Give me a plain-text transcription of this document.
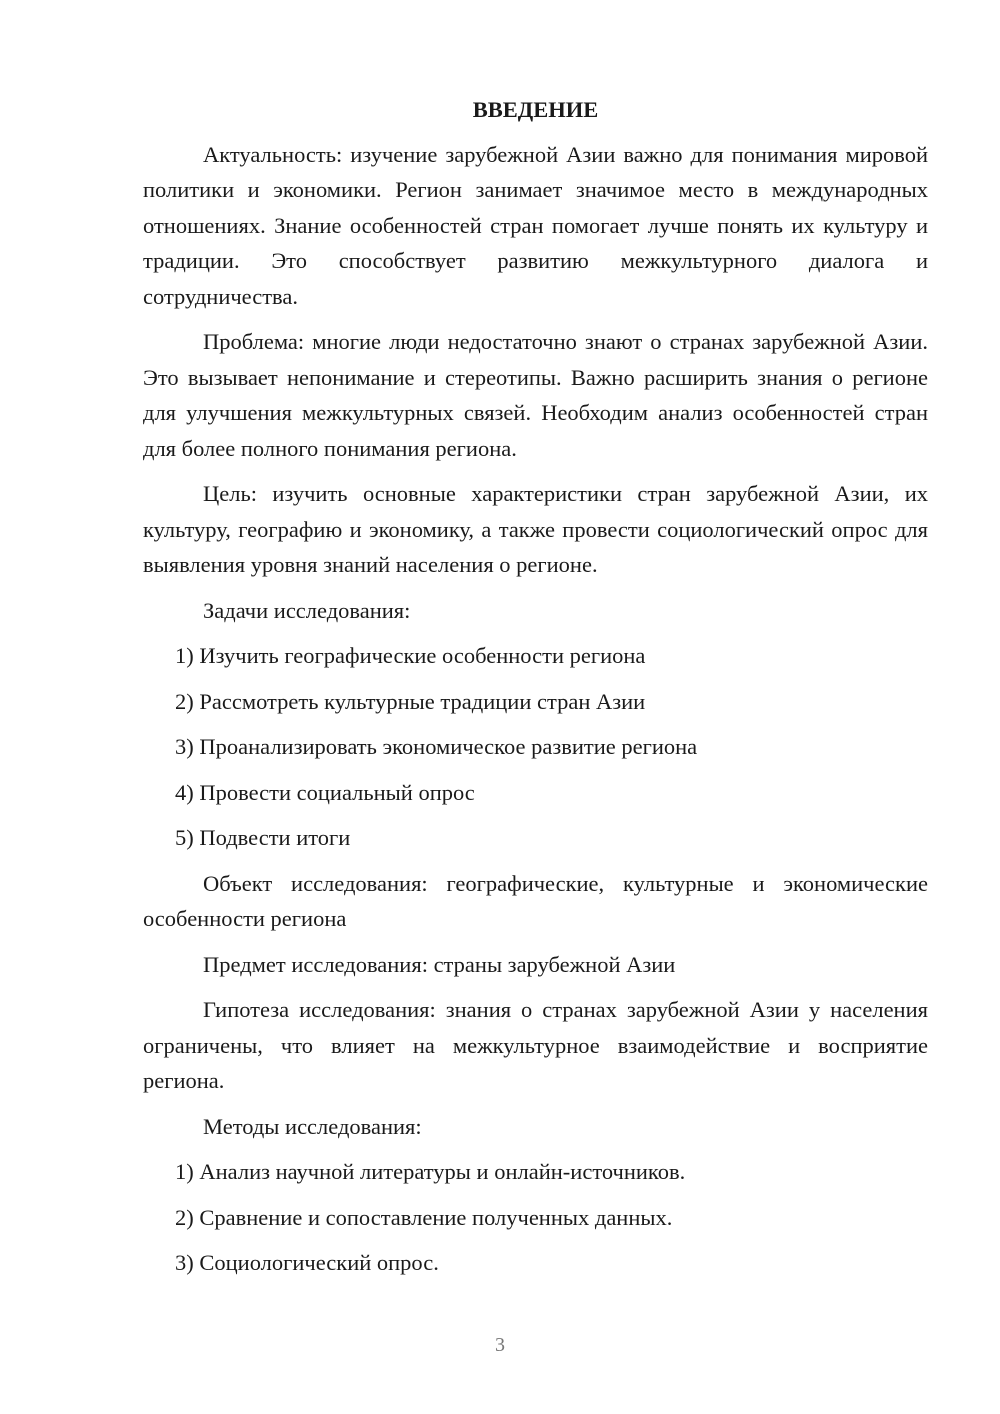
ВВЕДЕНИЕ
Актуальность: изучение зарубежной Азии важно для понимания мировой политики и экономики. Регион занимает значимое место в международных отношениях. Знание особенностей стран помогает лучше понять их культуру и традиции. Это способствует развитию межкультурного диалога и сотрудничества.
Проблема: многие люди недостаточно знают о странах зарубежной Азии. Это вызывает непонимание и стереотипы. Важно расширить знания о регионе для улучшения межкультурных связей. Необходим анализ особенностей стран для более полного понимания региона.
Цель: изучить основные характеристики стран зарубежной Азии, их культуру, географию и экономику, а также провести социологический опрос для выявления уровня знаний населения о регионе.
Задачи исследования:
1) Изучить географические особенности региона
2) Рассмотреть культурные традиции стран Азии
3) Проанализировать экономическое развитие региона
4) Провести социальный опрос
5) Подвести итоги
Объект исследования: географические, культурные и экономические особенности региона
Предмет исследования: страны зарубежной Азии
Гипотеза исследования: знания о странах зарубежной Азии у населения ограничены, что влияет на межкультурное взаимодействие и восприятие региона.
Методы исследования:
1) Анализ научной литературы и онлайн-источников.
2) Сравнение и сопоставление полученных данных.
3) Социологический опрос.
3
